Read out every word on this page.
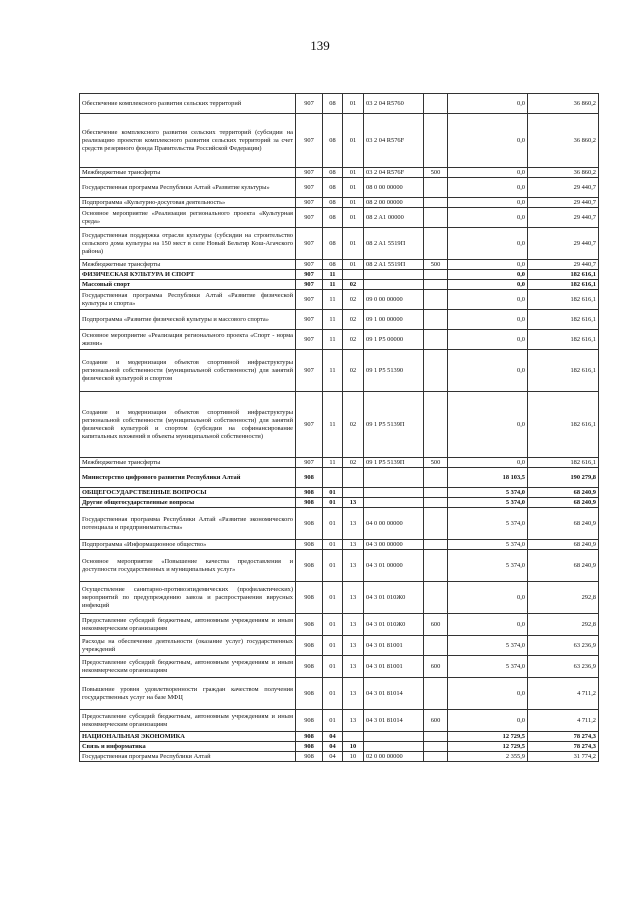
139
Обеспечение комплексного развития сельских территорий	907	08	01	03 2 04 R5760		0,0	36 860,2
Обеспечение комплексного развития сельских территорий (субсидии на реализацию проектов комплексного развития сельских территорий за счет средств резервного фонда Правительства Российской Федерации)	907	08	01	03 2 04 R576F		0,0	36 860,2
Межбюджетные трансферты	907	08	01	03 2 04 R576F	500	0,0	36 860,2
Государственная программа Республики Алтай «Развитие культуры»	907	08	01	08 0 00 00000		0,0	29 440,7
Подпрограмма «Культурно-досуговая деятельность»	907	08	01	08 2 00 00000		0,0	29 440,7
Основное мероприятие «Реализация регионального проекта «Культурная среда»	907	08	01	08 2 A1 00000		0,0	29 440,7
Государственная поддержка отрасли культуры (субсидии на строительство сельского дома культуры на 150 мест в селе Новый Бельтир Кош-Агачского района)	907	08	01	08 2 A1 5519П		0,0	29 440,7
Межбюджетные трансферты	907	08	01	08 2 A1 5519П	500	0,0	29 440,7
ФИЗИЧЕСКАЯ КУЛЬТУРА И СПОРТ	907	11				0,0	182 616,1
Массовый спорт	907	11	02			0,0	182 616,1
Государственная программа Республики Алтай «Развитие физической культуры и спорта»	907	11	02	09 0 00 00000		0,0	182 616,1
Подпрограмма «Развитие физической культуры и массового спорта»	907	11	02	09 1 00 00000		0,0	182 616,1
Основное мероприятие «Реализация регионального проекта «Спорт - норма жизни»	907	11	02	09 1 P5 00000		0,0	182 616,1
Создание и модернизация объектов спортивной инфраструктуры региональной собственности (муниципальной собственности) для занятий физической культурой и спортом	907	11	02	09 1 P5 51390		0,0	182 616,1
Создание и модернизация объектов спортивной инфраструктуры региональной собственности (муниципальной собственности) для занятий физической культурой и спортом (субсидии на софинансирование капитальных вложений в объекты муниципальной собственности)	907	11	02	09 1 P5 5139П		0,0	182 616,1
Межбюджетные трансферты	907	11	02	09 1 P5 5139П	500	0,0	182 616,1
Министерство цифрового развития Республики Алтай	908					18 103,5	190 279,8
ОБЩЕГОСУДАРСТВЕННЫЕ ВОПРОСЫ	908	01				5 374,0	68 240,9
Другие общегосударственные вопросы	908	01	13			5 374,0	68 240,9
Государственная программа Республики Алтай «Развитие экономического потенциала и предпринимательства»	908	01	13	04 0 00 00000		5 374,0	68 240,9
Подпрограмма «Информационное общество»	908	01	13	04 3 00 00000		5 374,0	68 240,9
Основное мероприятие «Повышение качества предоставления и доступности государственных и муниципальных услуг»	908	01	13	04 3 01 00000		5 374,0	68 240,9
Осуществление санитарно-противоэпидемических (профилактических) мероприятий по предупреждению завоза и распространения вирусных инфекций	908	01	13	04 3 01 010Ж0		0,0	292,8
Предоставление субсидий бюджетным, автономным учреждениям и иным некоммерческим организациям	908	01	13	04 3 01 010Ж0	600	0,0	292,8
Расходы на обеспечение деятельности (оказание услуг) государственных учреждений	908	01	13	04 3 01 81001		5 374,0	63 236,9
Предоставление субсидий бюджетным, автономным учреждениям и иным некоммерческим организациям	908	01	13	04 3 01 81001	600	5 374,0	63 236,9
Повышение уровня удовлетворенности граждан качеством получения государственных услуг на базе МФЦ	908	01	13	04 3 01 81014		0,0	4 711,2
Предоставление субсидий бюджетным, автономным учреждениям и иным некоммерческим организациям	908	01	13	04 3 01 81014	600	0,0	4 711,2
НАЦИОНАЛЬНАЯ ЭКОНОМИКА	908	04				12 729,5	78 274,3
Связь и информатика	908	04	10			12 729,5	78 274,3
Государственная программа Республики Алтай	908	04	10	02 0 00 00000		2 355,9	31 774,2
